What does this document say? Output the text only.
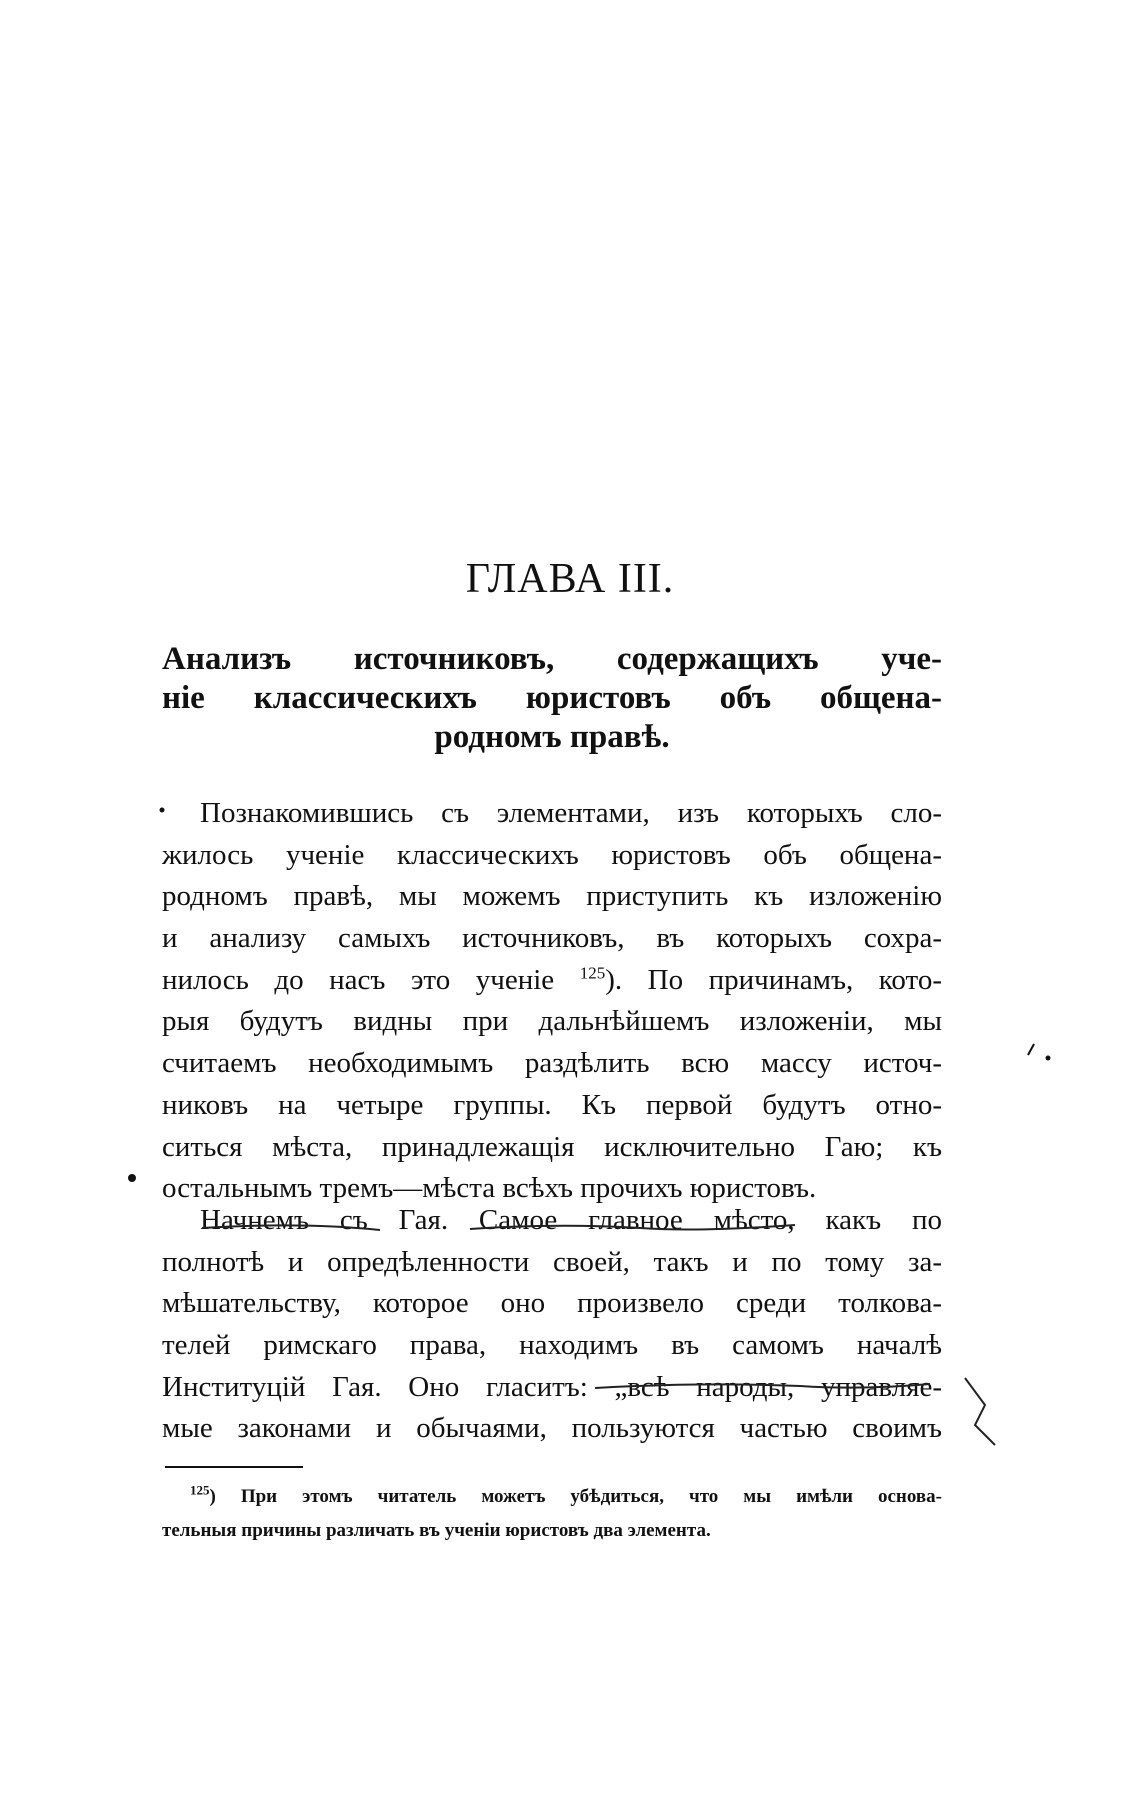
ГЛАВА III.
Анализъ источниковъ, содержащихъ уче-
нiе классическихъ юристовъ объ общена-
родномъ правѣ.
Познакомившись съ элементами, изъ которыхъ сло-
жилось ученiе классическихъ юристовъ объ общена-
родномъ правѣ, мы можемъ приступить къ изложенiю
и анализу самыхъ источниковъ, въ которыхъ сохра-
нилось до насъ это ученiе $^{125}$). По причинамъ, кото-
рыя будутъ видны при дальнѣйшемъ изложенiи, мы
считаемъ необходимымъ раздѣлить всю массу источ-
никовъ на четыре группы. Къ первой будутъ отно-
ситься мѣста, принадлежащiя исключительно Гаю; къ
остальнымъ тремъ—мѣста всѣхъ прочихъ юристовъ.
Начнемъ съ Гая. Самое главное мѣсто, какъ по
полнотѣ и опредѣленности своей, такъ и по тому за-
мѣшательству, которое оно произвело среди толкова-
телей римскаго права, находимъ въ самомъ началѣ
Институцiй Гая. Оно гласитъ: „всѣ народы, управляе-
мые законами и обычаями, пользуются частью своимъ
$^{125}$) При этомъ читатель можетъ убѣдиться, что мы имѣли основа-
тельныя причины различать въ ученiи юристовъ два элемента.
